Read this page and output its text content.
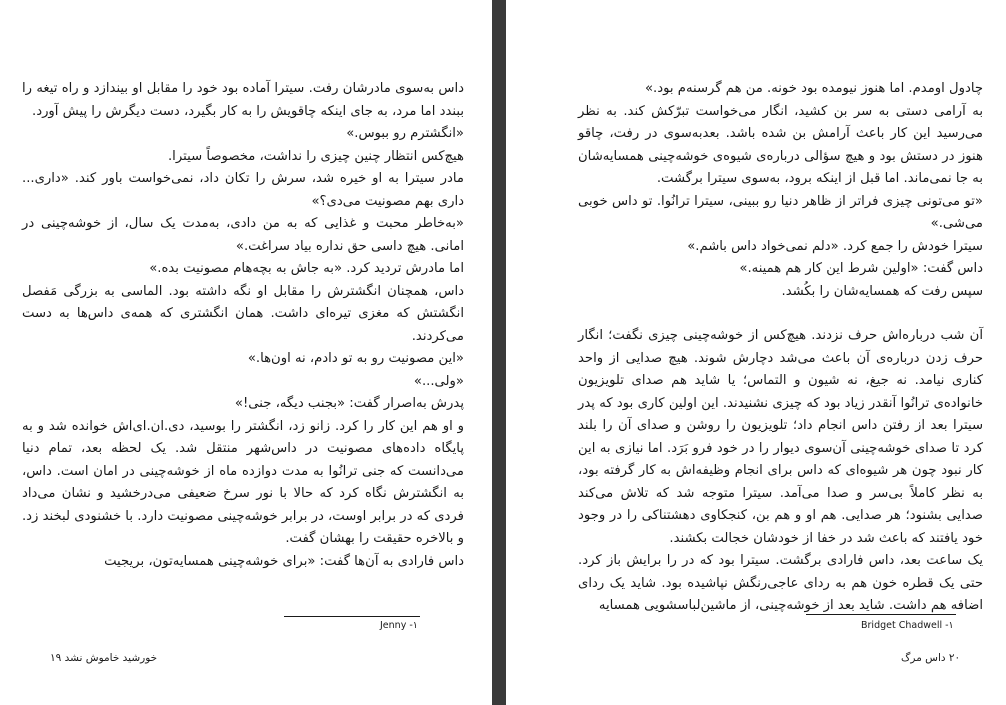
داس به‌سوی مادرشان رفت. سیترا آماده بود خود را مقابل او بیندازد و راه تیغه را ببندد اما مرد، به جای اینکه چاقویش را به کار بگیرد، دست دیگرش را پیش آورد.

«انگشترم رو ببوس.»

هیچ‌کس انتظار چنین چیزی را نداشت، مخصوصاً سیترا.

مادر سیترا به او خیره شد، سرش را تکان داد، نمی‌خواست باور کند. «داری... داری بهم مصونیت می‌دی؟»

«به‌خاطر محبت و غذایی که به من دادی، به‌مدت یک سال، از خوشه‌چینی در امانی. هیچ داسی حق نداره بیاد سراغت.»

اما مادرش تردید کرد. «به جاش به بچه‌هام مصونیت بده.»

داس، همچنان انگشترش را مقابل او نگه داشته بود. الماسی به بزرگی مَفصل انگشتش که مغزی تیره‌ای داشت. همان انگشتری که همه‌ی داس‌ها به دست می‌کردند.

«این مصونیت رو به تو دادم، نه اون‌ها.»

«ولی...»

پدرش به‌اصرار گفت: «بجنب دیگه، جنی!»

و او هم این کار را کرد. زانو زد، انگشتر را بوسید، دی.ان.ای‌اش خوانده شد و به پایگاه داده‌های مصونیت در داس‌شهر منتقل شد. یک لحظه بعد، تمام دنیا می‌دانست که جنی ترانُوا به مدت دوازده ماه از خوشه‌چینی در امان است. داس، به انگشترش نگاه کرد که حالا با نور سرخ ضعیفی می‌درخشید و نشان می‌داد فردی که در برابر اوست، در برابر خوشه‌چینی مصونیت دارد. با خشنودی لبخند زد.

و بالاخره حقیقت را بهشان گفت.

داس فارادی به آن‌ها گفت: «برای خوشه‌چینی همسایه‌تون، بریجیت

Jenny -۱
خورشید خاموش نشد ۱۹

چادول اومدم. اما هنوز نیومده بود خونه. من هم گرسنه‌م بود.»

به آرامی دستی به سر بن کشید، انگار می‌خواست تبرّکش کند. به نظر می‌رسید این کار باعث آرامش بن شده باشد. بعدبه‌سوی در رفت، چاقو هنوز در دستش بود و هیچ سؤالی درباره‌ی شیوه‌ی خوشه‌چینی همسایه‌شان به جا نمی‌ماند. اما قبل از اینکه برود، به‌سوی سیترا برگشت.

«تو می‌تونی چیزی فراتر از ظاهر دنیا رو ببینی، سیترا ترانُوا. تو داس خوبی می‌شی.»

سیترا خودش را جمع کرد. «دلم نمی‌خواد داس باشم.»

داس گفت: «اولین شرط این کار هم همینه.»

سپس رفت که همسایه‌شان را بکُشد.

آن شب درباره‌اش حرف نزدند. هیچ‌کس از خوشه‌چینی چیزی نگفت؛ انگار حرف زدن درباره‌ی آن باعث می‌شد دچارش شوند. هیچ صدایی از واحد کناری نیامد. نه جیغ، نه شیون و التماس؛ یا شاید هم صدای تلویزیون خانواده‌ی ترانُوا آنقدر زیاد بود که چیزی نشنیدند. این اولین کاری بود که پدر سیترا بعد از رفتن داس انجام داد؛ تلویزیون را روشن و صدای آن را بلند کرد تا صدای خوشه‌چینی آن‌سوی دیوار را در خود فرو بَرَد. اما نیازی به این کار نبود چون هر شیوه‌ای که داس برای انجام وظیفه‌اش به کار گرفته بود، به نظر کاملاً بی‌سر و صدا می‌آمد. سیترا متوجه شد که تلاش می‌کند صدایی بشنود؛ هر صدایی. هم او و هم بن، کنجکاوی دهشتناکی را در وجود خود یافتند که باعث شد در خفا از خودشان خجالت بکشند.

یک ساعت بعد، داس فارادی برگشت. سیترا بود که در را برایش باز کرد. حتی یک قطره خون هم به ردای عاجی‌رنگش نپاشیده بود. شاید یک ردای اضافه هم داشت. شاید بعد از خوشه‌چینی، از ماشین‌لباسشویی همسایه

Bridget Chadwell -۱
۲۰ داس مرگ
